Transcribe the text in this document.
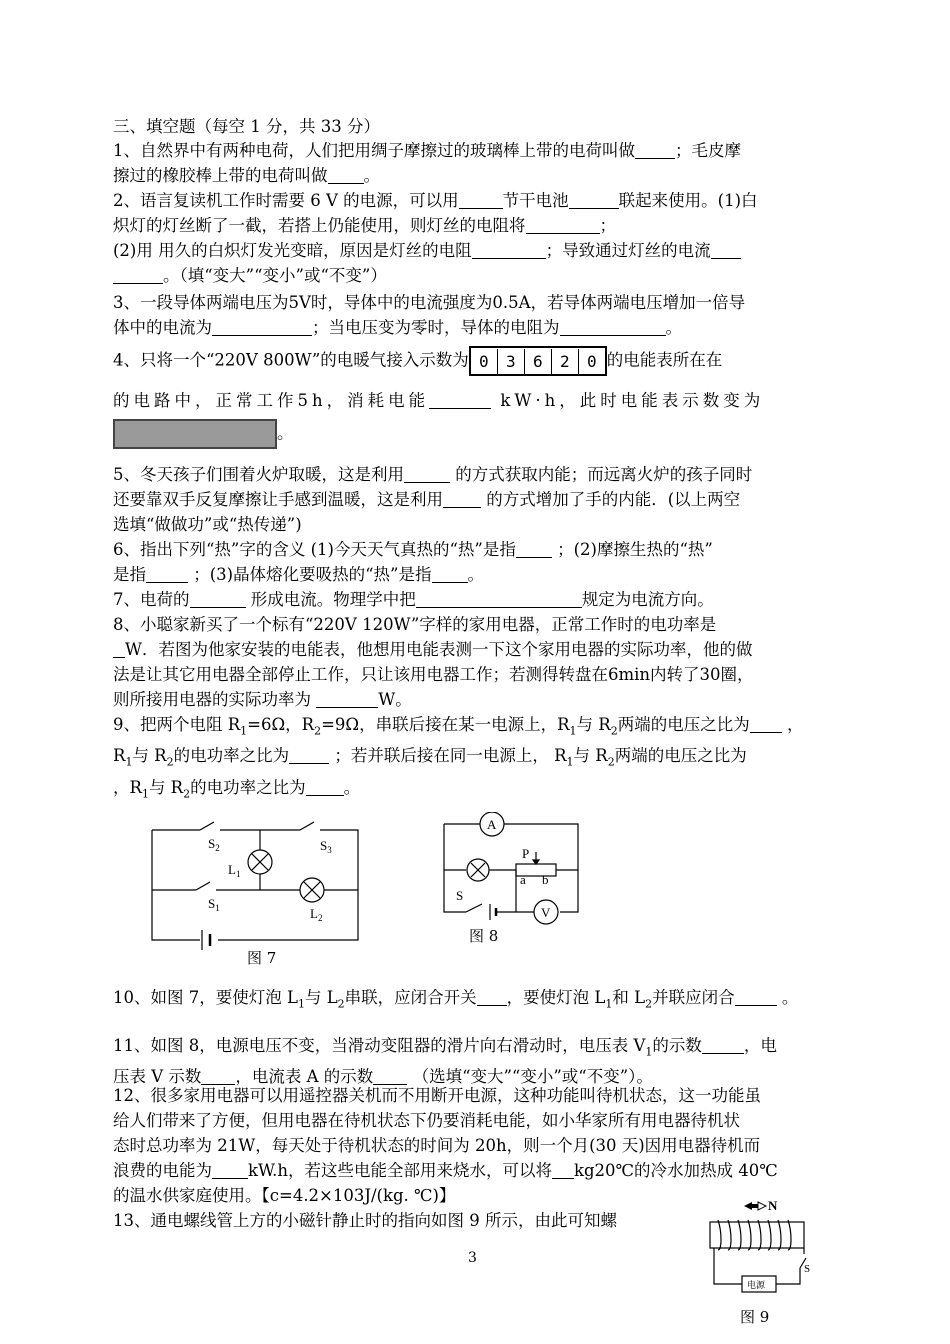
三、填空题（每空 1 分，共 33 分）

1、自然界中有两种电荷，人们把用绸子摩擦过的玻璃棒上带的电荷叫做 ；毛皮摩

擦过的橡胶棒上带的电荷叫做 。

2、语言复读机工作时需要 6 V 的电源，可以用	节干电池	联起来使用。(1)白

炽灯的灯丝断了一截，若搭上仍能使用，则灯丝的电阻将	；

(2)用 用久的白炽灯发光变暗，原因是灯丝的电阻	；导致通过灯丝的电流

。（填“变大”“变小”或“不变”）

3、一段导体两端电压为5V时，导体中的电流强度为0.5A，若导体两端电压增加一倍导

体中的电流为	；当电压变为零时，导体的电阻为	。

4、只将一个“220V 800W”的电暖气接入示数为 0 3 6 2 0 的电能表所在在

的电路中，正常工作5h，消耗电能	kW·h，此时电能表示数变为

。

5、冬天孩子们围着火炉取暖，这是利用	的方式获取内能；而远离火炉的孩子同时

还要靠双手反复摩擦让手感到温暖，这是利用	的方式增加了手的内能．(以上两空

选填“做做功”或“热传递”)

6、指出下列“热”字的含义 (1)今天天气真热的“热”是指	；(2)摩擦生热的“热”

是指	；(3)晶体熔化要吸热的“热”是指 。

7、电荷的	形成电流。物理学中把	规定为电流方向。

8、小聪家新买了一个标有“220V 120W”字样的家用电器，正常工作时的电功率是

W．若图为他家安装的电能表，他想用电能表测一下这个家用电器的实际功率，他的做

法是让其它用电器全部停止工作，只让该用电器工作；若测得转盘在6min内转了30圈，

则所接用电器的实际功率为	W。

9、把两个电阻 $R_1=6\Omega$，$R_2=9\Omega$，串联后接在某一电源上，$R_1$与 $R_2$两端的电压之比为 ，

$R_1$与 $R_2$的电功率之比为	；若并联后接在同一电源上， $R_1$与 $R_2$两端的电压之比为

，$R_1$与 $R_2$的电功率之比为 。

$S_2$	$S_3$
$L_1$
$S_1$	$L_2$
图 7
A
V
P
a b
S
图 8

10、如图 7，要使灯泡 $L_1$与 $L_2$串联，应闭合开关 ，要使灯泡 $L_1$和 $L_2$并联应闭合	。

11、如图 8，电源电压不变，当滑动变阻器的滑片向右滑动时，电压表 $V_1$的示数	，电

压表 V 示数 ，电流表 A 的示数 （选填“变大”“变小”或“不变”）。

12、很多家用电器可以用遥控器关机而不用断开电源，这种功能叫待机状态，这一功能虽

给人们带来了方便，但用电器在待机状态下仍要消耗电能，如小华家所有用电器待机状

态时总功率为 21W，每天处于待机状态的时间为 20h，则一个月(30 天)因用电器待机而

浪费的电能为 kW.h，若这些电能全部用来烧水，可以将 kg20℃的冷水加热成 40℃

的温水供家庭使用。【c=4.2×103J/(kg. ℃)】

13、通电螺线管上方的小磁针静止时的指向如图 9 所示，由此可知螺

N
电源
S
图 9
3
